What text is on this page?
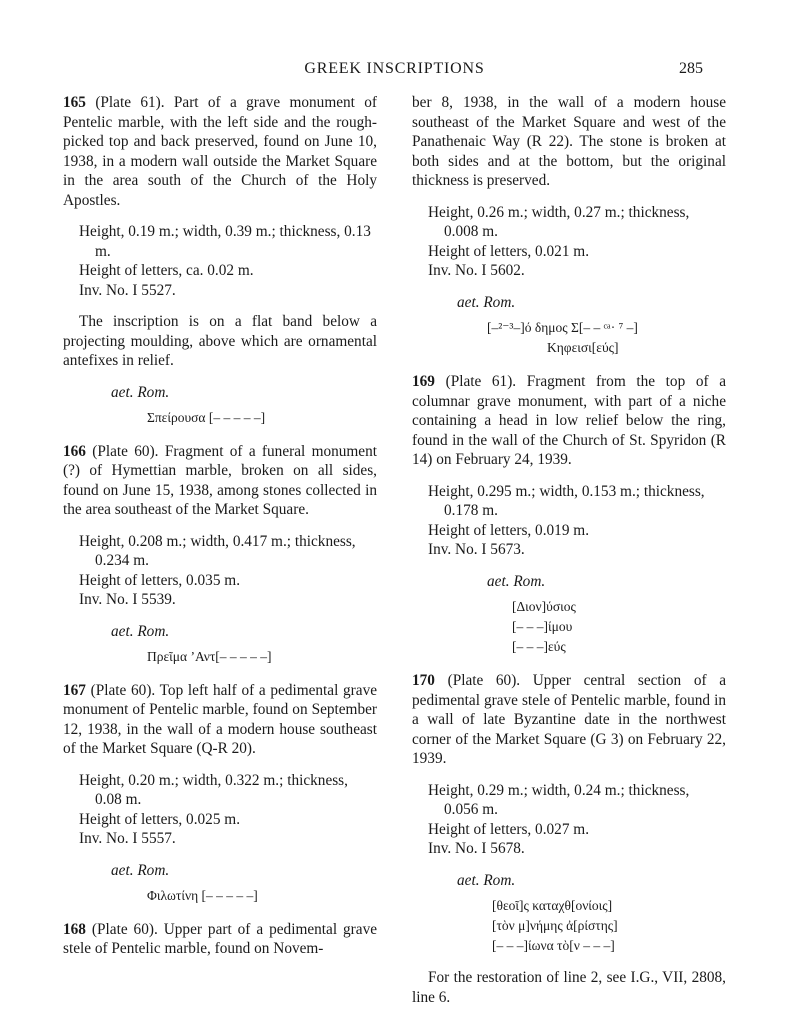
GREEK INSCRIPTIONS	285

165 (Plate 61). Part of a grave monument of Pentelic marble, with the left side and the rough-picked top and back preserved, found on June 10, 1938, in a modern wall outside the Market Square in the area south of the Church of the Holy Apostles.

Height, 0.19 m.; width, 0.39 m.; thickness, 0.13 m.
Height of letters, ca. 0.02 m.
Inv. No. I 5527.

The inscription is on a flat band below a projecting moulding, above which are ornamental antefixes in relief.

aet. Rom.
Σπείρουσα [– – – – –]

166 (Plate 60). Fragment of a funeral monument (?) of Hymettian marble, broken on all sides, found on June 15, 1938, among stones collected in the area southeast of the Market Square.

Height, 0.208 m.; width, 0.417 m.; thickness, 0.234 m.
Height of letters, 0.035 m.
Inv. No. I 5539.
aet. Rom.
Πρεῖμα ’Αντ[– – – – –]

167 (Plate 60). Top left half of a pedimental grave monument of Pentelic marble, found on September 12, 1938, in the wall of a modern house southeast of the Market Square (Q-R 20).

Height, 0.20 m.; width, 0.322 m.; thickness, 0.08 m.
Height of letters, 0.025 m.
Inv. No. I 5557.
aet. Rom.
Φιλωτίνη [– – – – –]

168 (Plate 60). Upper part of a pedimental grave stele of Pentelic marble, found on Novem-

ber 8, 1938, in the wall of a modern house southeast of the Market Square and west of the Panathenaic Way (R 22). The stone is broken at both sides and at the bottom, but the original thickness is preserved.

Height, 0.26 m.; width, 0.27 m.; thickness, 0.008 m.
Height of letters, 0.021 m.
Inv. No. I 5602.
aet. Rom.
[–²⁻³–]ό δημος Σ[– – ᶜᵃ· ⁷ –]
Κηφεισι[εύς]

169 (Plate 61). Fragment from the top of a columnar grave monument, with part of a niche containing a head in low relief below the ring, found in the wall of the Church of St. Spyridon (R 14) on February 24, 1939.

Height, 0.295 m.; width, 0.153 m.; thickness, 0.178 m.
Height of letters, 0.019 m.
Inv. No. I 5673.
aet. Rom.
[Διον]ύσιος
[– – –]ίμου
[– – –]εύς

170 (Plate 60). Upper central section of a pedimental grave stele of Pentelic marble, found in a wall of late Byzantine date in the northwest corner of the Market Square (G 3) on February 22, 1939.

Height, 0.29 m.; width, 0.24 m.; thickness, 0.056 m.
Height of letters, 0.027 m.
Inv. No. I 5678.
aet. Rom.
[θεοῖ]ς καταχθ[ονίοις]
[τὸν μ]νήμης ἀ[ρίστης]
[– – –]ίωνα τὸ[ν – – –]

For the restoration of line 2, see I.G., VII, 2808, line 6.
